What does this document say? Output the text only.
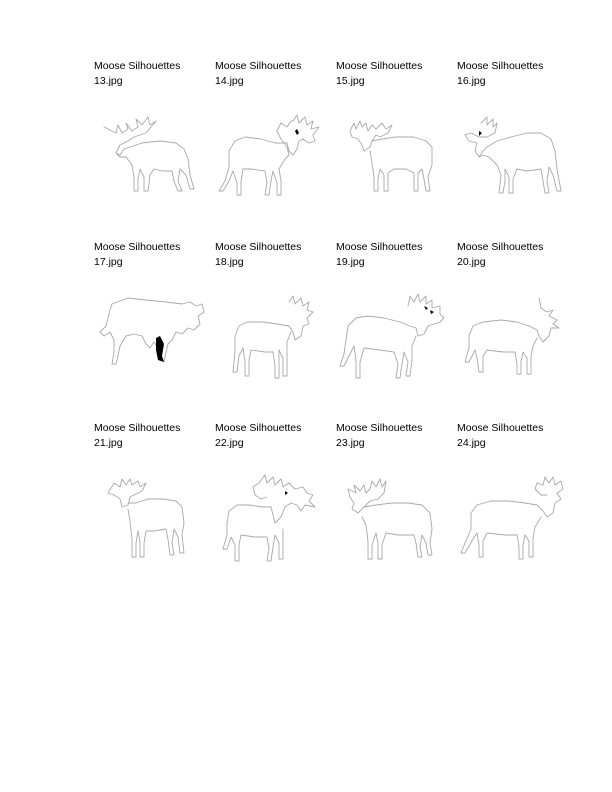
Moose Silhouettes
13.jpg
Moose Silhouettes
14.jpg
Moose Silhouettes
15.jpg
Moose Silhouettes
16.jpg
Moose Silhouettes
17.jpg
Moose Silhouettes
18.jpg
Moose Silhouettes
19.jpg
Moose Silhouettes
20.jpg
Moose Silhouettes
21.jpg
Moose Silhouettes
22.jpg
Moose Silhouettes
23.jpg
Moose Silhouettes
24.jpg
